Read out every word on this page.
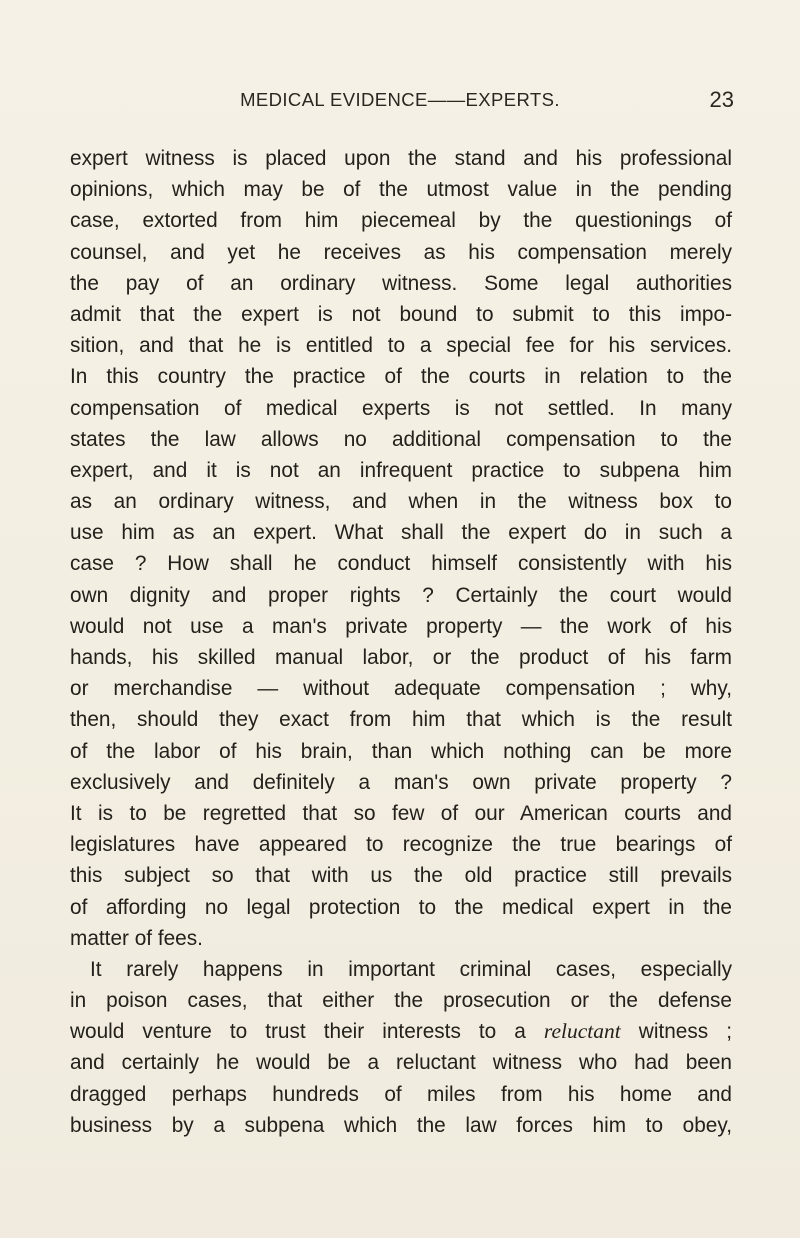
MEDICAL EVIDENCE——EXPERTS.	23
expert witness is placed upon the stand and his professional
opinions, which may be of the utmost value in the pending
case, extorted from him piecemeal by the questionings of
counsel, and yet he receives as his compensation merely
the pay of an ordinary witness. Some legal authorities
admit that the expert is not bound to submit to this impo-
sition, and that he is entitled to a special fee for his services.
In this country the practice of the courts in relation to the
compensation of medical experts is not settled. In many
states the law allows no additional compensation to the
expert, and it is not an infrequent practice to subpena him
as an ordinary witness, and when in the witness box to
use him as an expert. What shall the expert do in such a
case ? How shall he conduct himself consistently with his
own dignity and proper rights ? Certainly the court would
would not use a man's private property — the work of his
hands, his skilled manual labor, or the product of his farm
or merchandise — without adequate compensation ; why,
then, should they exact from him that which is the result
of the labor of his brain, than which nothing can be more
exclusively and definitely a man's own private property ?
It is to be regretted that so few of our American courts and
legislatures have appeared to recognize the true bearings of
this subject so that with us the old practice still prevails
of affording no legal protection to the medical expert in the
matter of fees.
It rarely happens in important criminal cases, especially
in poison cases, that either the prosecution or the defense
would venture to trust their interests to a reluctant witness ;
and certainly he would be a reluctant witness who had been
dragged perhaps hundreds of miles from his home and
business by a subpena which the law forces him to obey,
